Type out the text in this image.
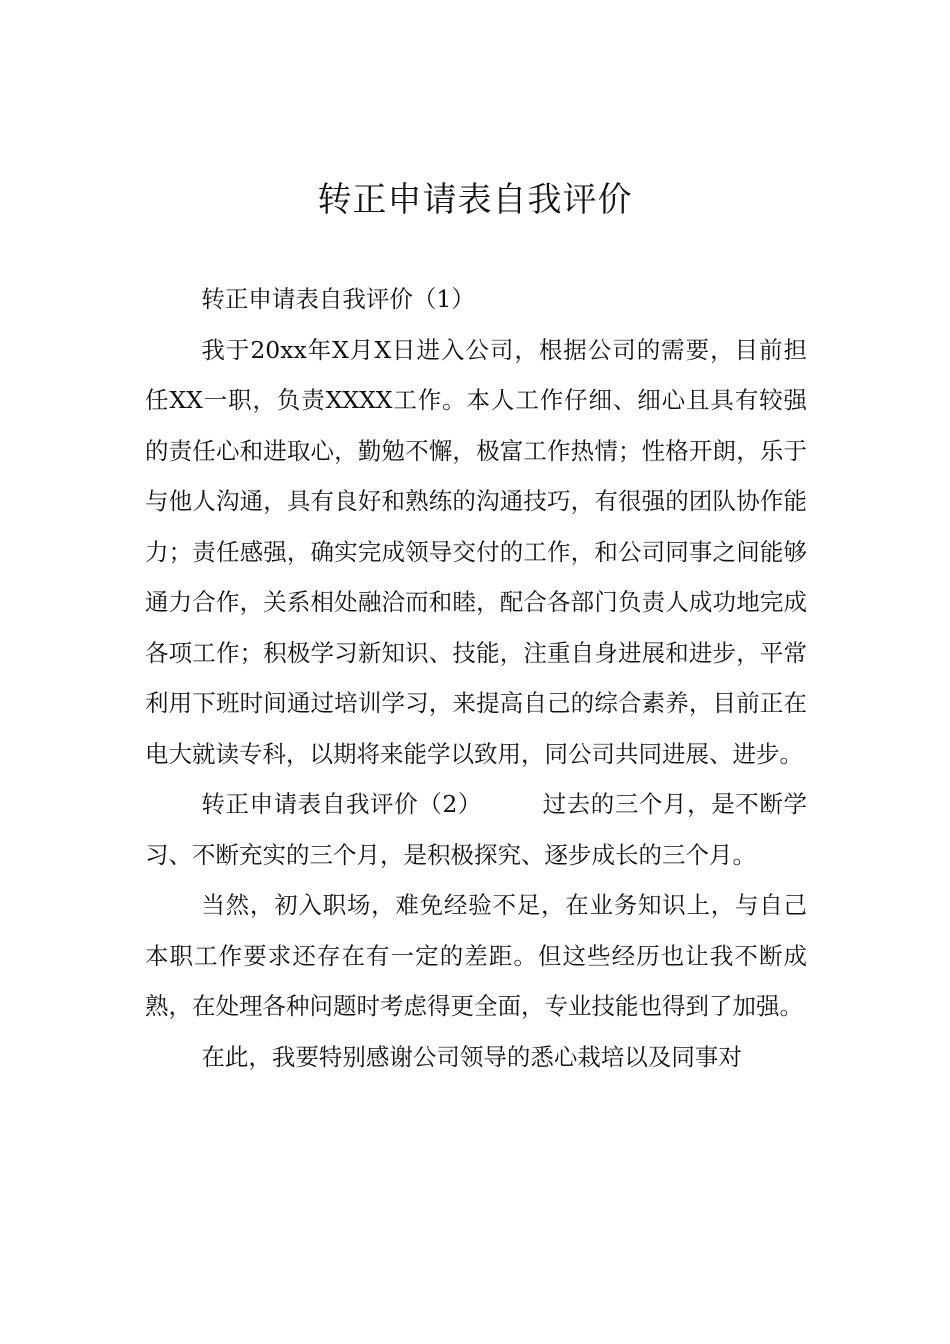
转正申请表自我评价

转正申请表自我评价（1）

我于20xx年X月X日进入公司，根据公司的需要，目前担任XX一职，负责XXXX工作。本人工作仔细、细心且具有较强的责任心和进取心，勤勉不懈，极富工作热情；性格开朗，乐于与他人沟通，具有良好和熟练的沟通技巧，有很强的团队协作能力；责任感强，确实完成领导交付的工作，和公司同事之间能够通力合作，关系相处融洽而和睦，配合各部门负责人成功地完成各项工作；积极学习新知识、技能，注重自身进展和进步，平常利用下班时间通过培训学习，来提高自己的综合素养，目前正在电大就读专科，以期将来能学以致用，同公司共同进展、进步。

转正申请表自我评价（2）	过去的三个月，是不断学习、不断充实的三个月，是积极探究、逐步成长的三个月。

当然，初入职场，难免经验不足，在业务知识上，与自己本职工作要求还存在有一定的差距。但这些经历也让我不断成熟，在处理各种问题时考虑得更全面，专业技能也得到了加强。

在此，我要特别感谢公司领导的悉心栽培以及同事对
